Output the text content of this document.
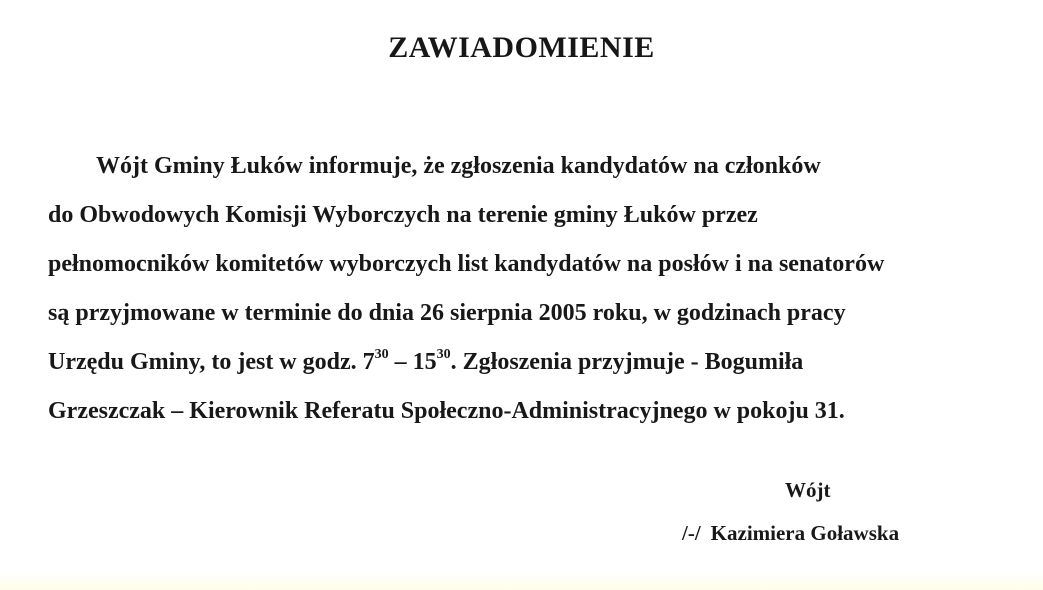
ZAWIADOMIENIE

Wójt Gminy Łuków informuje, że zgłoszenia kandydatów na członków
do Obwodowych Komisji Wyborczych na terenie gminy Łuków przez
pełnomocników komitetów wyborczych list kandydatów na posłów i na senatorów
są przyjmowane w terminie do dnia 26 sierpnia 2005 roku, w godzinach pracy
Urzędu Gminy, to jest w godz. $7^{30} - 15^{30}$. Zgłoszenia przyjmuje - Bogumiła
Grzeszczak – Kierownik Referatu Społeczno-Administracyjnego w pokoju 31.

Wójt

/-/ Kazimiera Goławska
